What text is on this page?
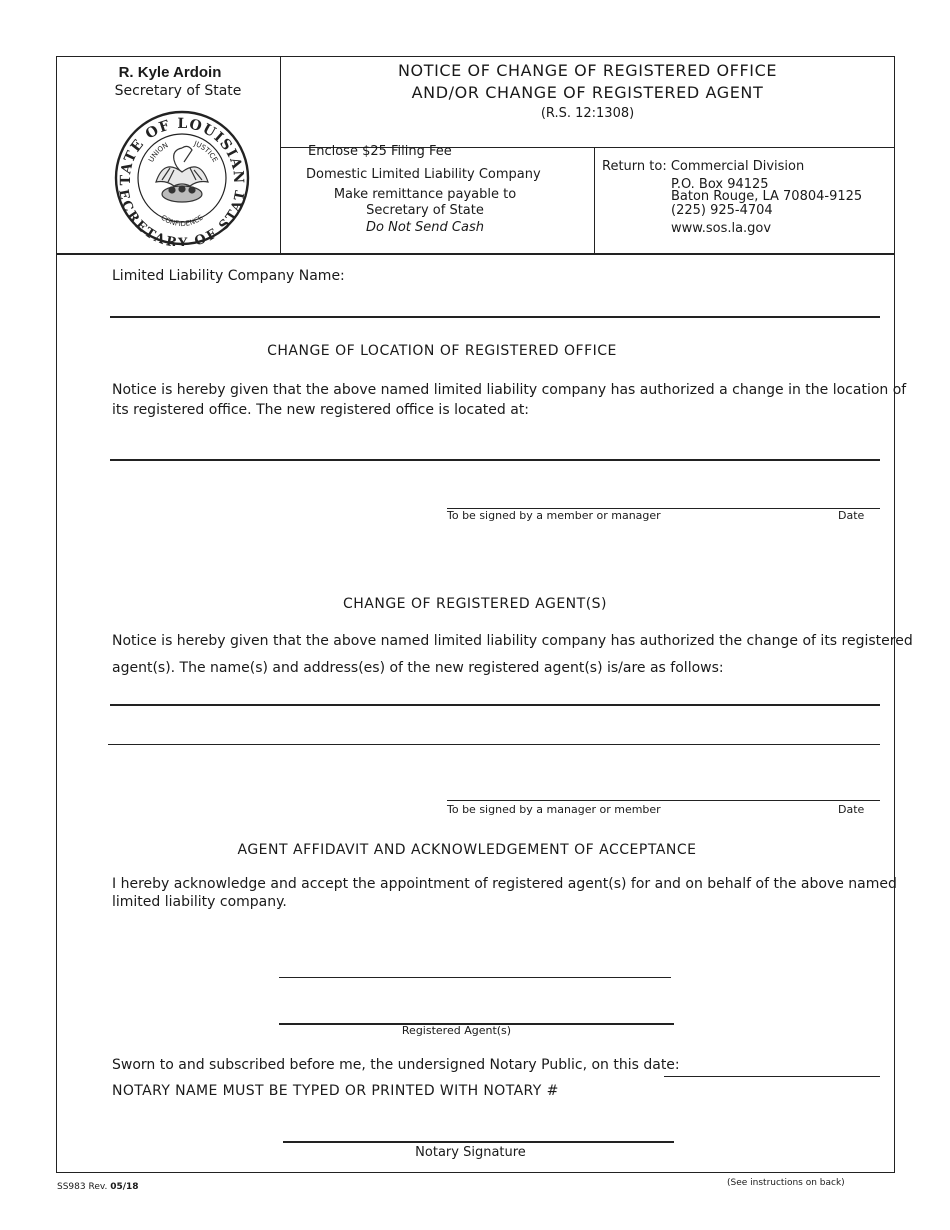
R. Kyle Ardoin
Secretary of State
TATE OF LOUISIAN
ECRETARY OF STAT
UNION	JUSTICE
CONFIDENCE
NOTICE OF CHANGE OF REGISTERED OFFICE
AND/OR CHANGE OF REGISTERED AGENT
(R.S. 12:1308)
Enclose $25 Filing Fee
Domestic Limited Liability Company
Make remittance payable to
Secretary of State
Do Not Send Cash
Return to: Commercial Division
P.O. Box 94125
Baton Rouge, LA 70804-9125
(225) 925-4704
www.sos.la.gov
Limited Liability Company Name:
CHANGE OF LOCATION OF REGISTERED OFFICE
Notice is hereby given that the above named limited liability company has authorized a change in the location of
its registered office. The new registered office is located at:
To be signed by a member or manager	Date
CHANGE OF REGISTERED AGENT(S)
Notice is hereby given that the above named limited liability company has authorized the change of its registered
agent(s). The name(s) and address(es) of the new registered agent(s) is/are as follows:
To be signed by a manager or member	Date
AGENT AFFIDAVIT AND ACKNOWLEDGEMENT OF ACCEPTANCE
I hereby acknowledge and accept the appointment of registered agent(s) for and on behalf of the above named
limited liability company.
Registered Agent(s)
Sworn to and subscribed before me, the undersigned Notary Public, on this date:
NOTARY NAME MUST BE TYPED OR PRINTED WITH NOTARY #
Notary Signature
SS983 Rev. 05/18	(See instructions on back)
